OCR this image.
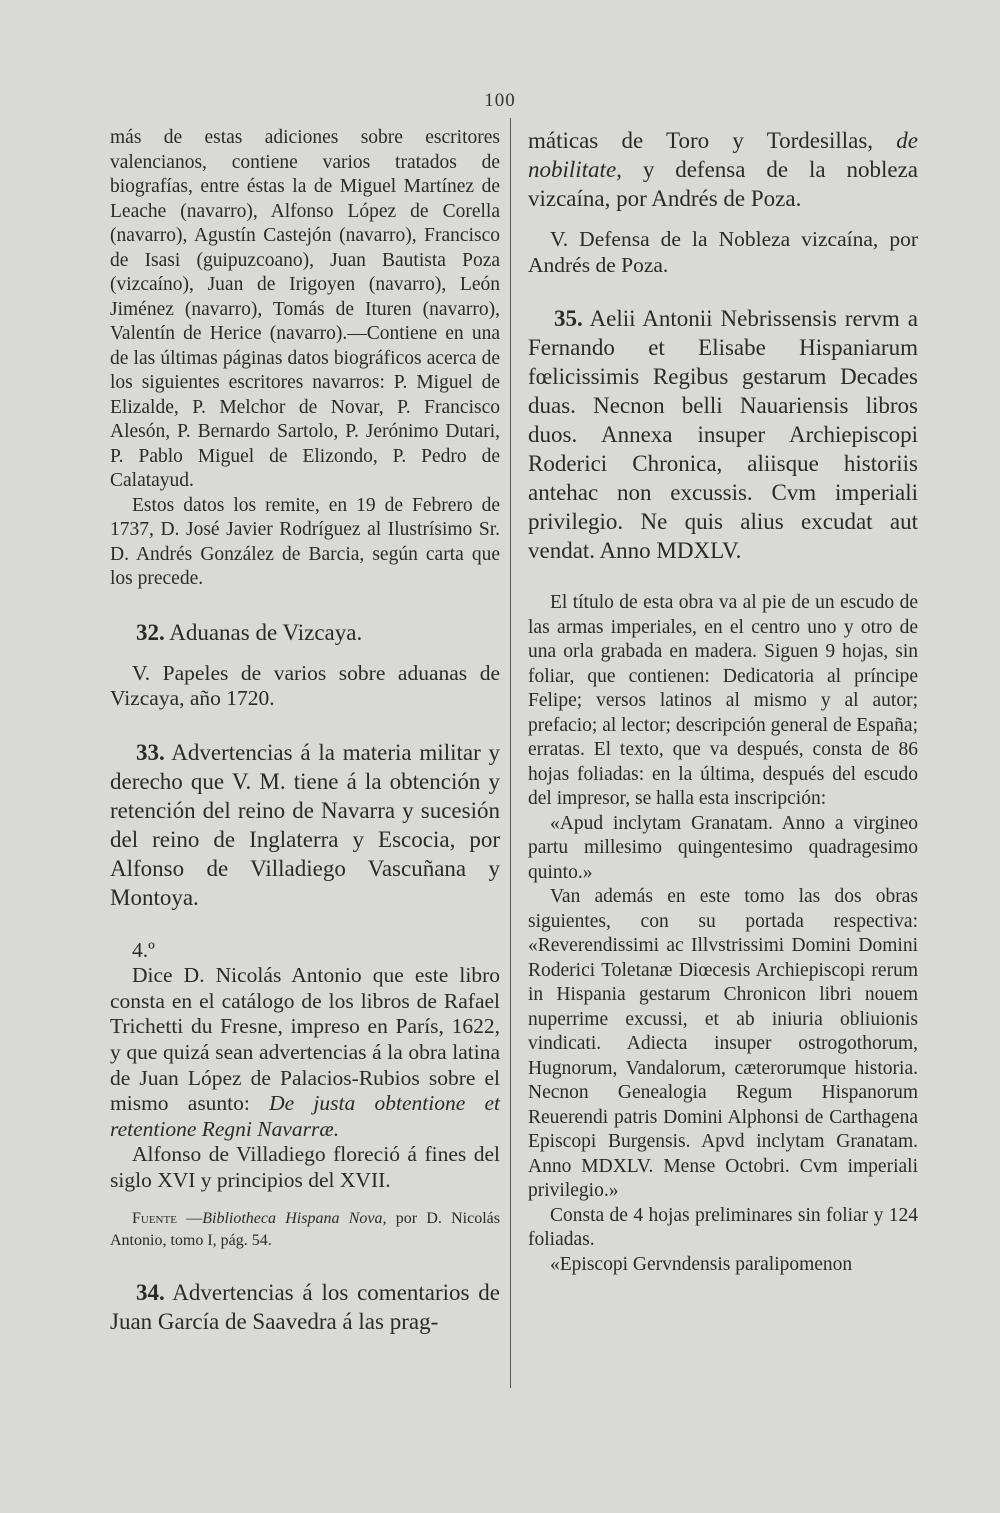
100

más de estas adiciones sobre escritores valencianos, contiene varios tratados de biografías, entre éstas la de Miguel Martínez de Leache (navarro), Alfonso López de Corella (navarro), Agustín Castejón (navarro), Francisco de Isasi (guipuzcoano), Juan Bautista Poza (vizcaíno), Juan de Irigoyen (navarro), León Jiménez (navarro), Tomás de Ituren (navarro), Valentín de Herice (navarro).—Contiene en una de las últimas páginas datos biográficos acerca de los siguientes escritores navarros: P. Miguel de Elizalde, P. Melchor de Novar, P. Francisco Alesón, P. Bernardo Sartolo, P. Jerónimo Dutari, P. Pablo Miguel de Elizondo, P. Pedro de Calatayud.

Estos datos los remite, en 19 de Febrero de 1737, D. José Javier Rodríguez al Ilustrísimo Sr. D. Andrés González de Barcia, según carta que los precede.

32. Aduanas de Vizcaya.

V. Papeles de varios sobre aduanas de Vizcaya, año 1720.

33. Advertencias á la materia militar y derecho que V. M. tiene á la obtención y retención del reino de Navarra y sucesión del reino de Inglaterra y Escocia, por Alfonso de Villadiego Vascuñana y Montoya.

4.º

Dice D. Nicolás Antonio que este libro consta en el catálogo de los libros de Rafael Trichetti du Fresne, impreso en París, 1622, y que quizá sean advertencias á la obra latina de Juan López de Palacios-Rubios sobre el mismo asunto: De justa obtentione et retentione Regni Navarræ.

Alfonso de Villadiego floreció á fines del siglo XVI y principios del XVII.

Fuente —Bibliotheca Hispana Nova, por D. Nicolás Antonio, tomo I, pág. 54.

34. Advertencias á los comentarios de Juan García de Saavedra á las prag-

máticas de Toro y Tordesillas, de nobilitate, y defensa de la nobleza vizcaína, por Andrés de Poza.

V. Defensa de la Nobleza vizcaína, por Andrés de Poza.

35. Aelii Antonii Nebrissensis rervm a Fernando et Elisabe Hispaniarum fœlicissimis Regibus gestarum Decades duas. Necnon belli Nauariensis libros duos. Annexa insuper Archiepiscopi Roderici Chronica, aliisque historiis antehac non excussis. Cvm imperiali privilegio. Ne quis alius excudat aut vendat. Anno MDXLV.

El título de esta obra va al pie de un escudo de las armas imperiales, en el centro uno y otro de una orla grabada en madera. Siguen 9 hojas, sin foliar, que contienen: Dedicatoria al príncipe Felipe; versos latinos al mismo y al autor; prefacio; al lector; descripción general de España; erratas. El texto, que va después, consta de 86 hojas foliadas: en la última, después del escudo del impresor, se halla esta inscripción:

«Apud inclytam Granatam. Anno a virgineo partu millesimo quingentesimo quadragesimo quinto.»

Van además en este tomo las dos obras siguientes, con su portada respectiva: «Reverendissimi ac Illvstrissimi Domini Domini Roderici Toletanæ Diœcesis Archiepiscopi rerum in Hispania gestarum Chronicon libri nouem nuperrime excussi, et ab iniuria obliuionis vindicati. Adiecta insuper ostrogothorum, Hugnorum, Vandalorum, cæterorumque historia. Necnon Genealogia Regum Hispanorum Reuerendi patris Domini Alphonsi de Carthagena Episcopi Burgensis. Apvd inclytam Granatam. Anno MDXLV. Mense Octobri. Cvm imperiali privilegio.»

Consta de 4 hojas preliminares sin foliar y 124 foliadas.

«Episcopi Gervndensis paralipomenon
